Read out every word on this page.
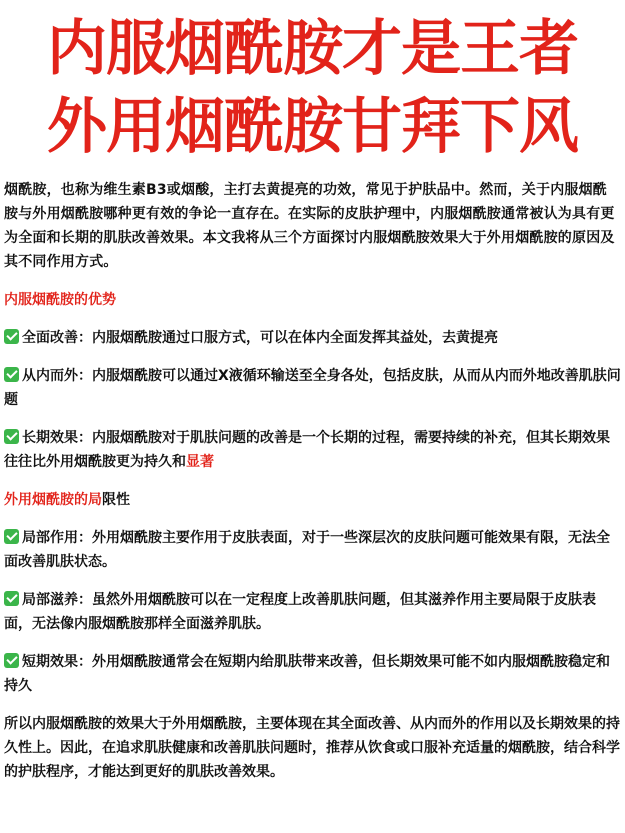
内服烟酰胺才是王者
外用烟酰胺甘拜下风

烟酰胺，也称为维生素B3或烟酸，主打去黄提亮的功效，常见于护肤品中。然而，关于内服烟酰胺与外用烟酰胺哪种更有效的争论一直存在。在实际的皮肤护理中，内服烟酰胺通常被认为具有更为全面和长期的肌肤改善效果。本文我将从三个方面探讨内服烟酰胺效果大于外用烟酰胺的原因及其不同作用方式。

内服烟酰胺的优势

全面改善：内服烟酰胺通过口服方式，可以在体内全面发挥其益处，去黄提亮

从内而外：内服烟酰胺可以通过X液循环输送至全身各处，包括皮肤，从而从内而外地改善肌肤问题

长期效果：内服烟酰胺对于肌肤问题的改善是一个长期的过程，需要持续的补充，但其长期效果往往比外用烟酰胺更为持久和显著

外用烟酰胺的局限性

局部作用：外用烟酰胺主要作用于皮肤表面，对于一些深层次的皮肤问题可能效果有限，无法全面改善肌肤状态。

局部滋养：虽然外用烟酰胺可以在一定程度上改善肌肤问题，但其滋养作用主要局限于皮肤表面，无法像内服烟酰胺那样全面滋养肌肤。

短期效果：外用烟酰胺通常会在短期内给肌肤带来改善，但长期效果可能不如内服烟酰胺稳定和持久

所以内服烟酰胺的效果大于外用烟酰胺，主要体现在其全面改善、从内而外的作用以及长期效果的持久性上。因此，在追求肌肤健康和改善肌肤问题时，推荐从饮食或口服补充适量的烟酰胺，结合科学的护肤程序，才能达到更好的肌肤改善效果。
